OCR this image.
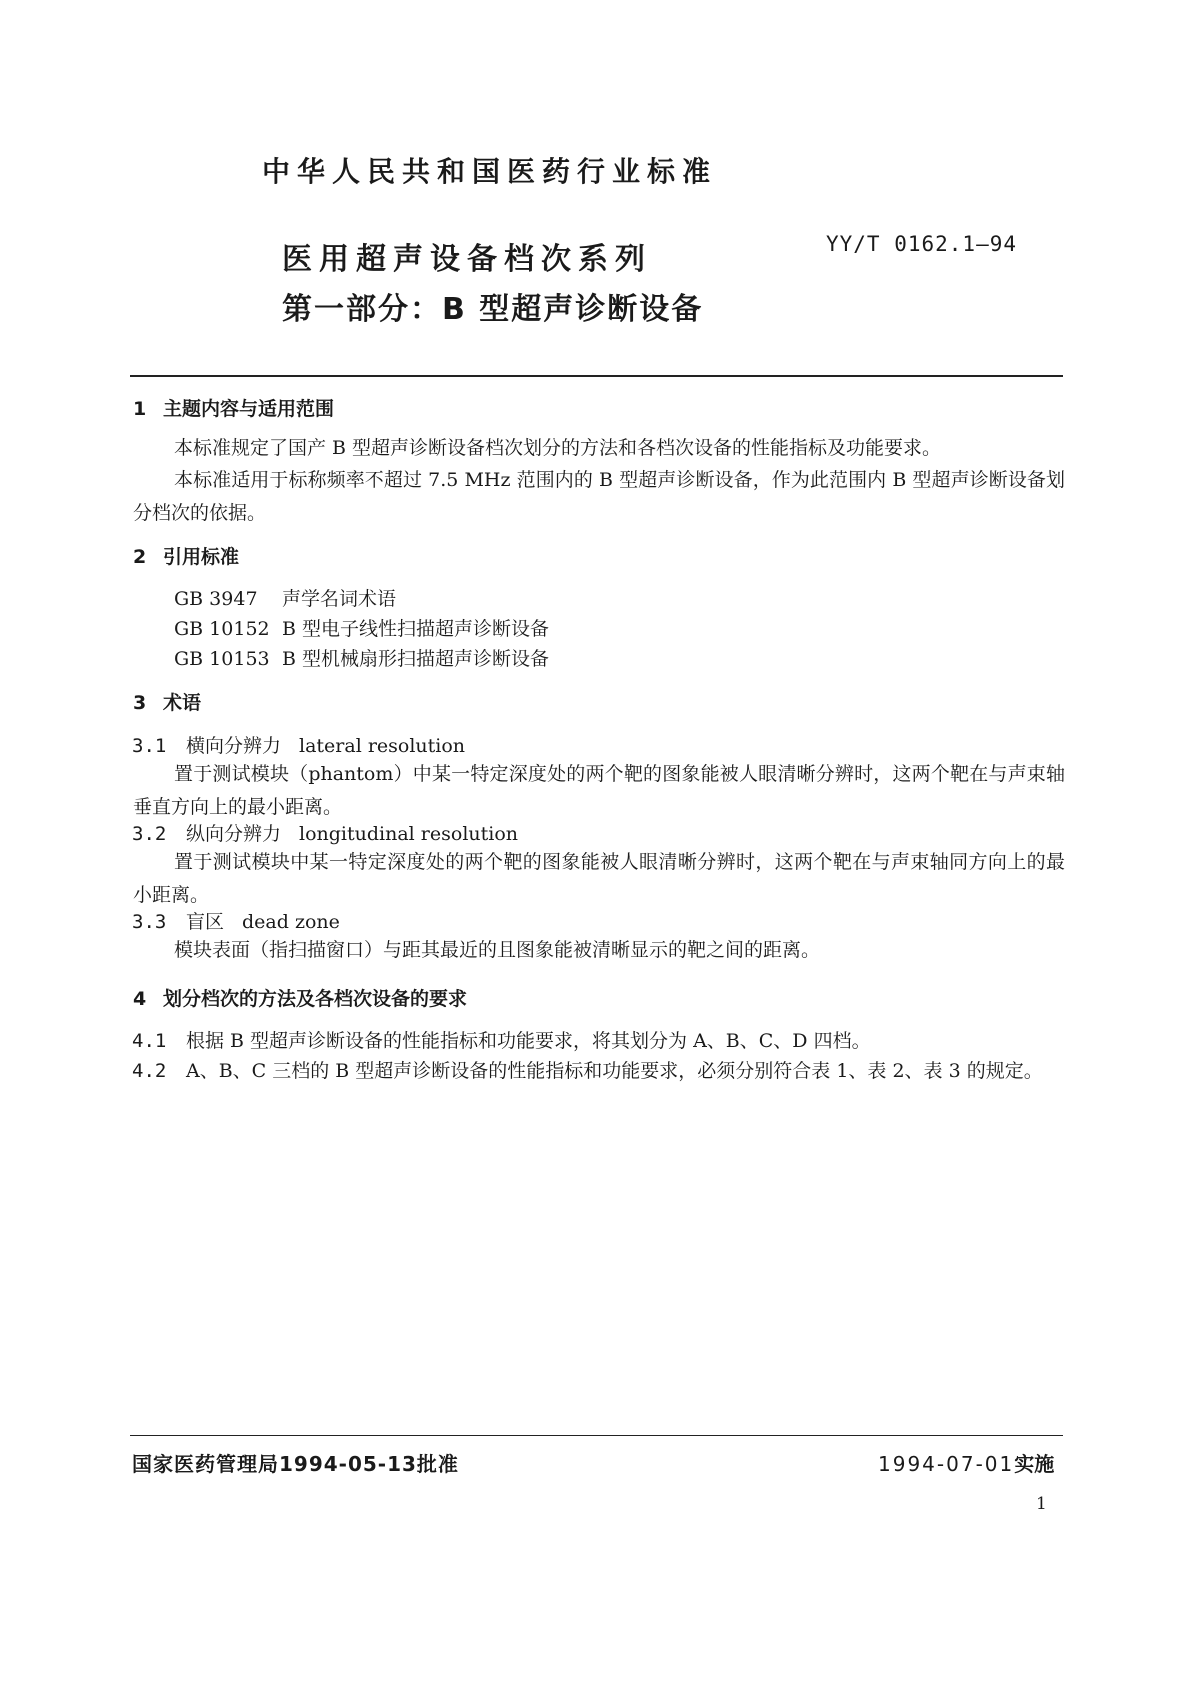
中华人民共和国医药行业标准
医用超声设备档次系列
第一部分：B 型超声诊断设备
YY/T 0162.1—94
1 主题内容与适用范围
本标准规定了国产 B 型超声诊断设备档次划分的方法和各档次设备的性能指标及功能要求。
本标准适用于标称频率不超过 7.5 MHz 范围内的 B 型超声诊断设备，作为此范围内 B 型超声诊断设备划分档次的依据。
2 引用标准
GB 3947 声学名词术语
GB 10152 B 型电子线性扫描超声诊断设备
GB 10153 B 型机械扇形扫描超声诊断设备
3 术语
3.1 横向分辨力 lateral resolution
置于测试模块（phantom）中某一特定深度处的两个靶的图象能被人眼清晰分辨时，这两个靶在与声束轴垂直方向上的最小距离。
3.2 纵向分辨力 longitudinal resolution
置于测试模块中某一特定深度处的两个靶的图象能被人眼清晰分辨时，这两个靶在与声束轴同方向上的最小距离。
3.3 盲区 dead zone
模块表面（指扫描窗口）与距其最近的且图象能被清晰显示的靶之间的距离。
4 划分档次的方法及各档次设备的要求
4.1 根据 B 型超声诊断设备的性能指标和功能要求，将其划分为 A、B、C、D 四档。
4.2 A、B、C 三档的 B 型超声诊断设备的性能指标和功能要求，必须分别符合表 1、表 2、表 3 的规定。
国家医药管理局1994-05-13批准	1994-07-01实施
1
